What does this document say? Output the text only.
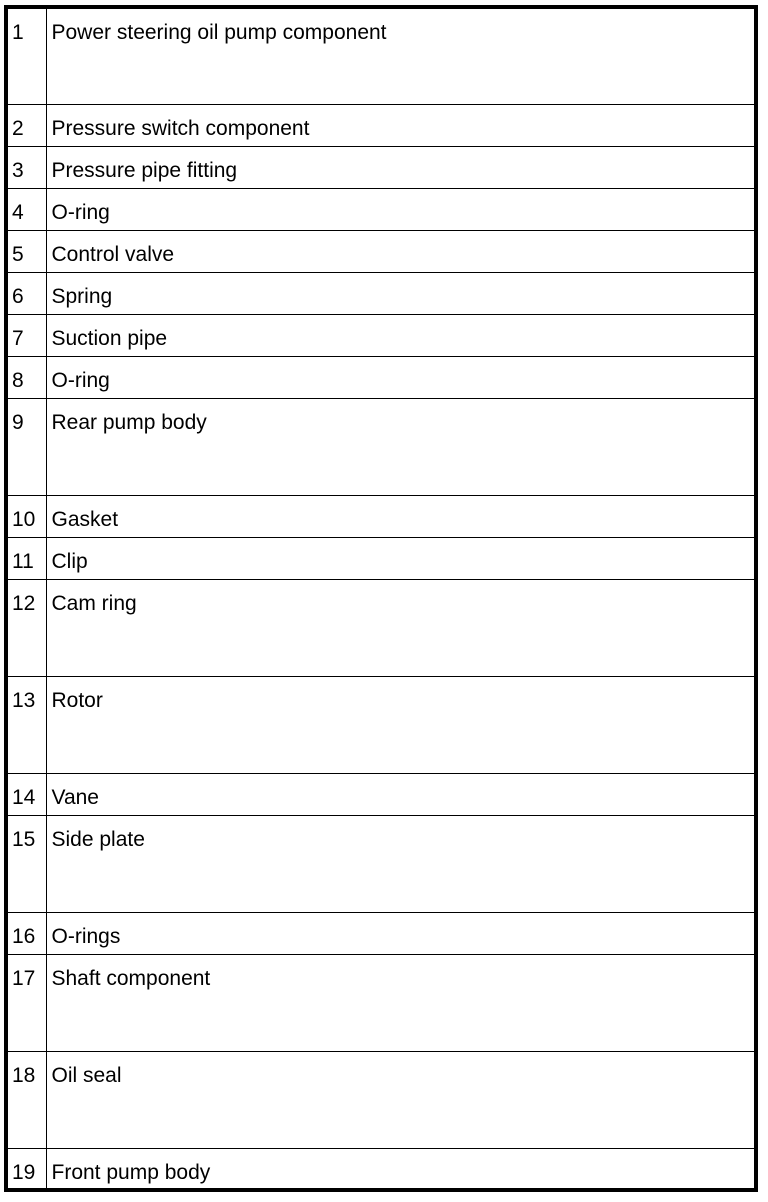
1	Power steering oil pump component
2	Pressure switch component
3	Pressure pipe fitting
4	O-ring
5	Control valve
6	Spring
7	Suction pipe
8	O-ring
9	Rear pump body
10	Gasket
11	Clip
12	Cam ring
13	Rotor
14	Vane
15	Side plate
16	O-rings
17	Shaft component
18	Oil seal
19	Front pump body
